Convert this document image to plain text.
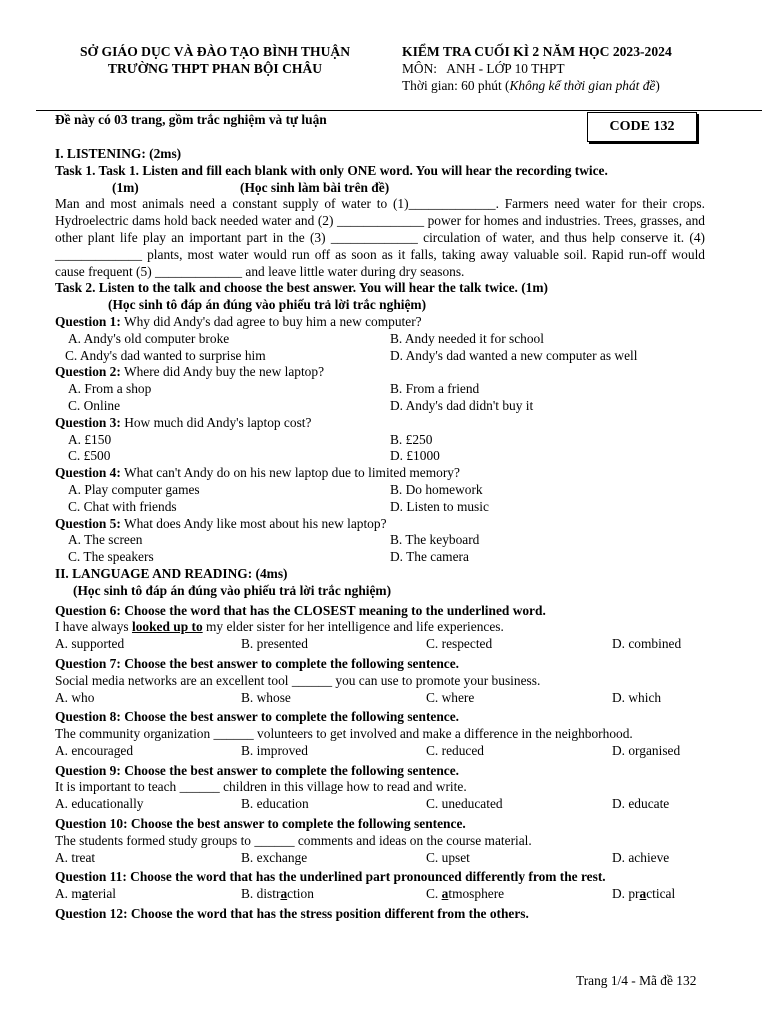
SỞ GIÁO DỤC VÀ ĐÀO TẠO BÌNH THUẬN
TRƯỜNG THPT PHAN BỘI CHÂU
KIỂM TRA CUỐI KÌ 2 NĂM HỌC 2023-2024
MÔN:   ANH - LỚP 10 THPT
Thời gian: 60 phút (Không kể thời gian phát đề)
Đề này có 03 trang, gồm trắc nghiệm và tự luận	CODE 132
I. LISTENING: (2ms)
Task 1. Task 1. Listen and fill each blank with only ONE word. You will hear the recording twice.
(1m)	(Học sinh làm bài trên đề)
Man and most animals need a constant supply of water to (1)_____________. Farmers need water for their crops. Hydroelectric dams hold back needed water and (2) _____________ power for homes and industries. Trees, grasses, and other plant life play an important part in the (3) _____________ circulation of water, and thus help conserve it. (4) _____________ plants, most water would run off as soon as it falls, taking away valuable soil. Rapid run-off would cause frequent (5) _____________ and leave little water during dry seasons.
Task 2. Listen to the talk and choose the best answer. You will hear the talk twice. (1m)
(Học sinh tô đáp án đúng vào phiếu trả lời trắc nghiệm)
Question 1: Why did Andy's dad agree to buy him a new computer?
A. Andy's old computer broke	B. Andy needed it for school
C. Andy's dad wanted to surprise him	D. Andy's dad wanted a new computer as well
Question 2: Where did Andy buy the new laptop?
A. From a shop	B. From a friend
C. Online	D. Andy's dad didn't buy it
Question 3: How much did Andy's laptop cost?
A. £150	B. £250
C. £500	D. £1000
Question 4: What can't Andy do on his new laptop due to limited memory?
A. Play computer games	B. Do homework
C. Chat with friends	D. Listen to music
Question 5: What does Andy like most about his new laptop?
A. The screen	B. The keyboard
C. The speakers	D. The camera
II. LANGUAGE AND READING: (4ms)
(Học sinh tô đáp án đúng vào phiếu trả lời trắc nghiệm)
Question 6: Choose the word that has the CLOSEST meaning to the underlined word.
I have always looked up to my elder sister for her intelligence and life experiences.
A. supported	B. presented	C. respected	D. combined
Question 7: Choose the best answer to complete the following sentence.
Social media networks are an excellent tool ______ you can use to promote your business.
A. who	B. whose	C. where	D. which
Question 8: Choose the best answer to complete the following sentence.
The community organization ______ volunteers to get involved and make a difference in the neighborhood.
A. encouraged	B. improved	C. reduced	D. organised
Question 9: Choose the best answer to complete the following sentence.
It is important to teach ______ children in this village how to read and write.
A. educationally	B. education	C. uneducated	D. educate
Question 10: Choose the best answer to complete the following sentence.
The students formed study groups to ______ comments and ideas on the course material.
A. treat	B. exchange	C. upset	D. achieve
Question 11: Choose the word that has the underlined part pronounced differently from the rest.
A. material	B. distraction	C. atmosphere	D. practical
Question 12: Choose the word that has the stress position different from the others.
Trang 1/4 - Mã đề 132
